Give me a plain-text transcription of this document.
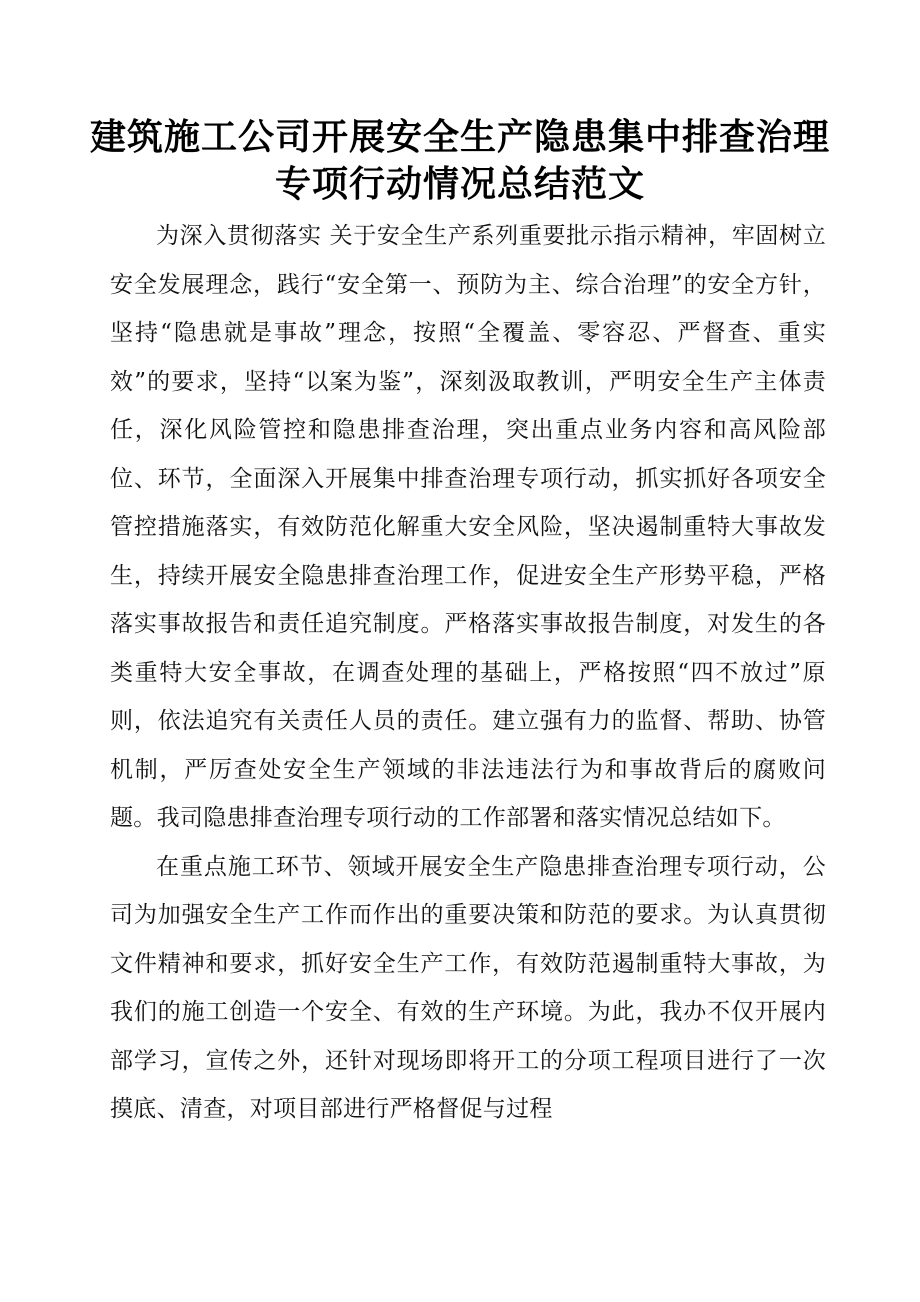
建筑施工公司开展安全生产隐患集中排查治理
专项行动情况总结范文

为深入贯彻落实 关于安全生产系列重要批示指示精神，牢固树立安全发展理念，践行“安全第一、预防为主、综合治理”的安全方针，坚持“隐患就是事故”理念，按照“全覆盖、零容忍、严督查、重实效”的要求，坚持“以案为鉴”，深刻汲取教训，严明安全生产主体责任，深化风险管控和隐患排查治理，突出重点业务内容和高风险部位、环节，全面深入开展集中排查治理专项行动，抓实抓好各项安全管控措施落实，有效防范化解重大安全风险，坚决遏制重特大事故发生，持续开展安全隐患排查治理工作，促进安全生产形势平稳，严格落实事故报告和责任追究制度。严格落实事故报告制度，对发生的各类重特大安全事故，在调查处理的基础上，严格按照“四不放过”原则，依法追究有关责任人员的责任。建立强有力的监督、帮助、协管机制，严厉查处安全生产领域的非法违法行为和事故背后的腐败问题。我司隐患排查治理专项行动的工作部署和落实情况总结如下。

在重点施工环节、领域开展安全生产隐患排查治理专项行动，公司为加强安全生产工作而作出的重要决策和防范的要求。为认真贯彻文件精神和要求，抓好安全生产工作，有效防范遏制重特大事故，为我们的施工创造一个安全、有效的生产环境。为此，我办不仅开展内部学习，宣传之外，还针对现场即将开工的分项工程项目进行了一次摸底、清查，对项目部进行严格督促与过程
